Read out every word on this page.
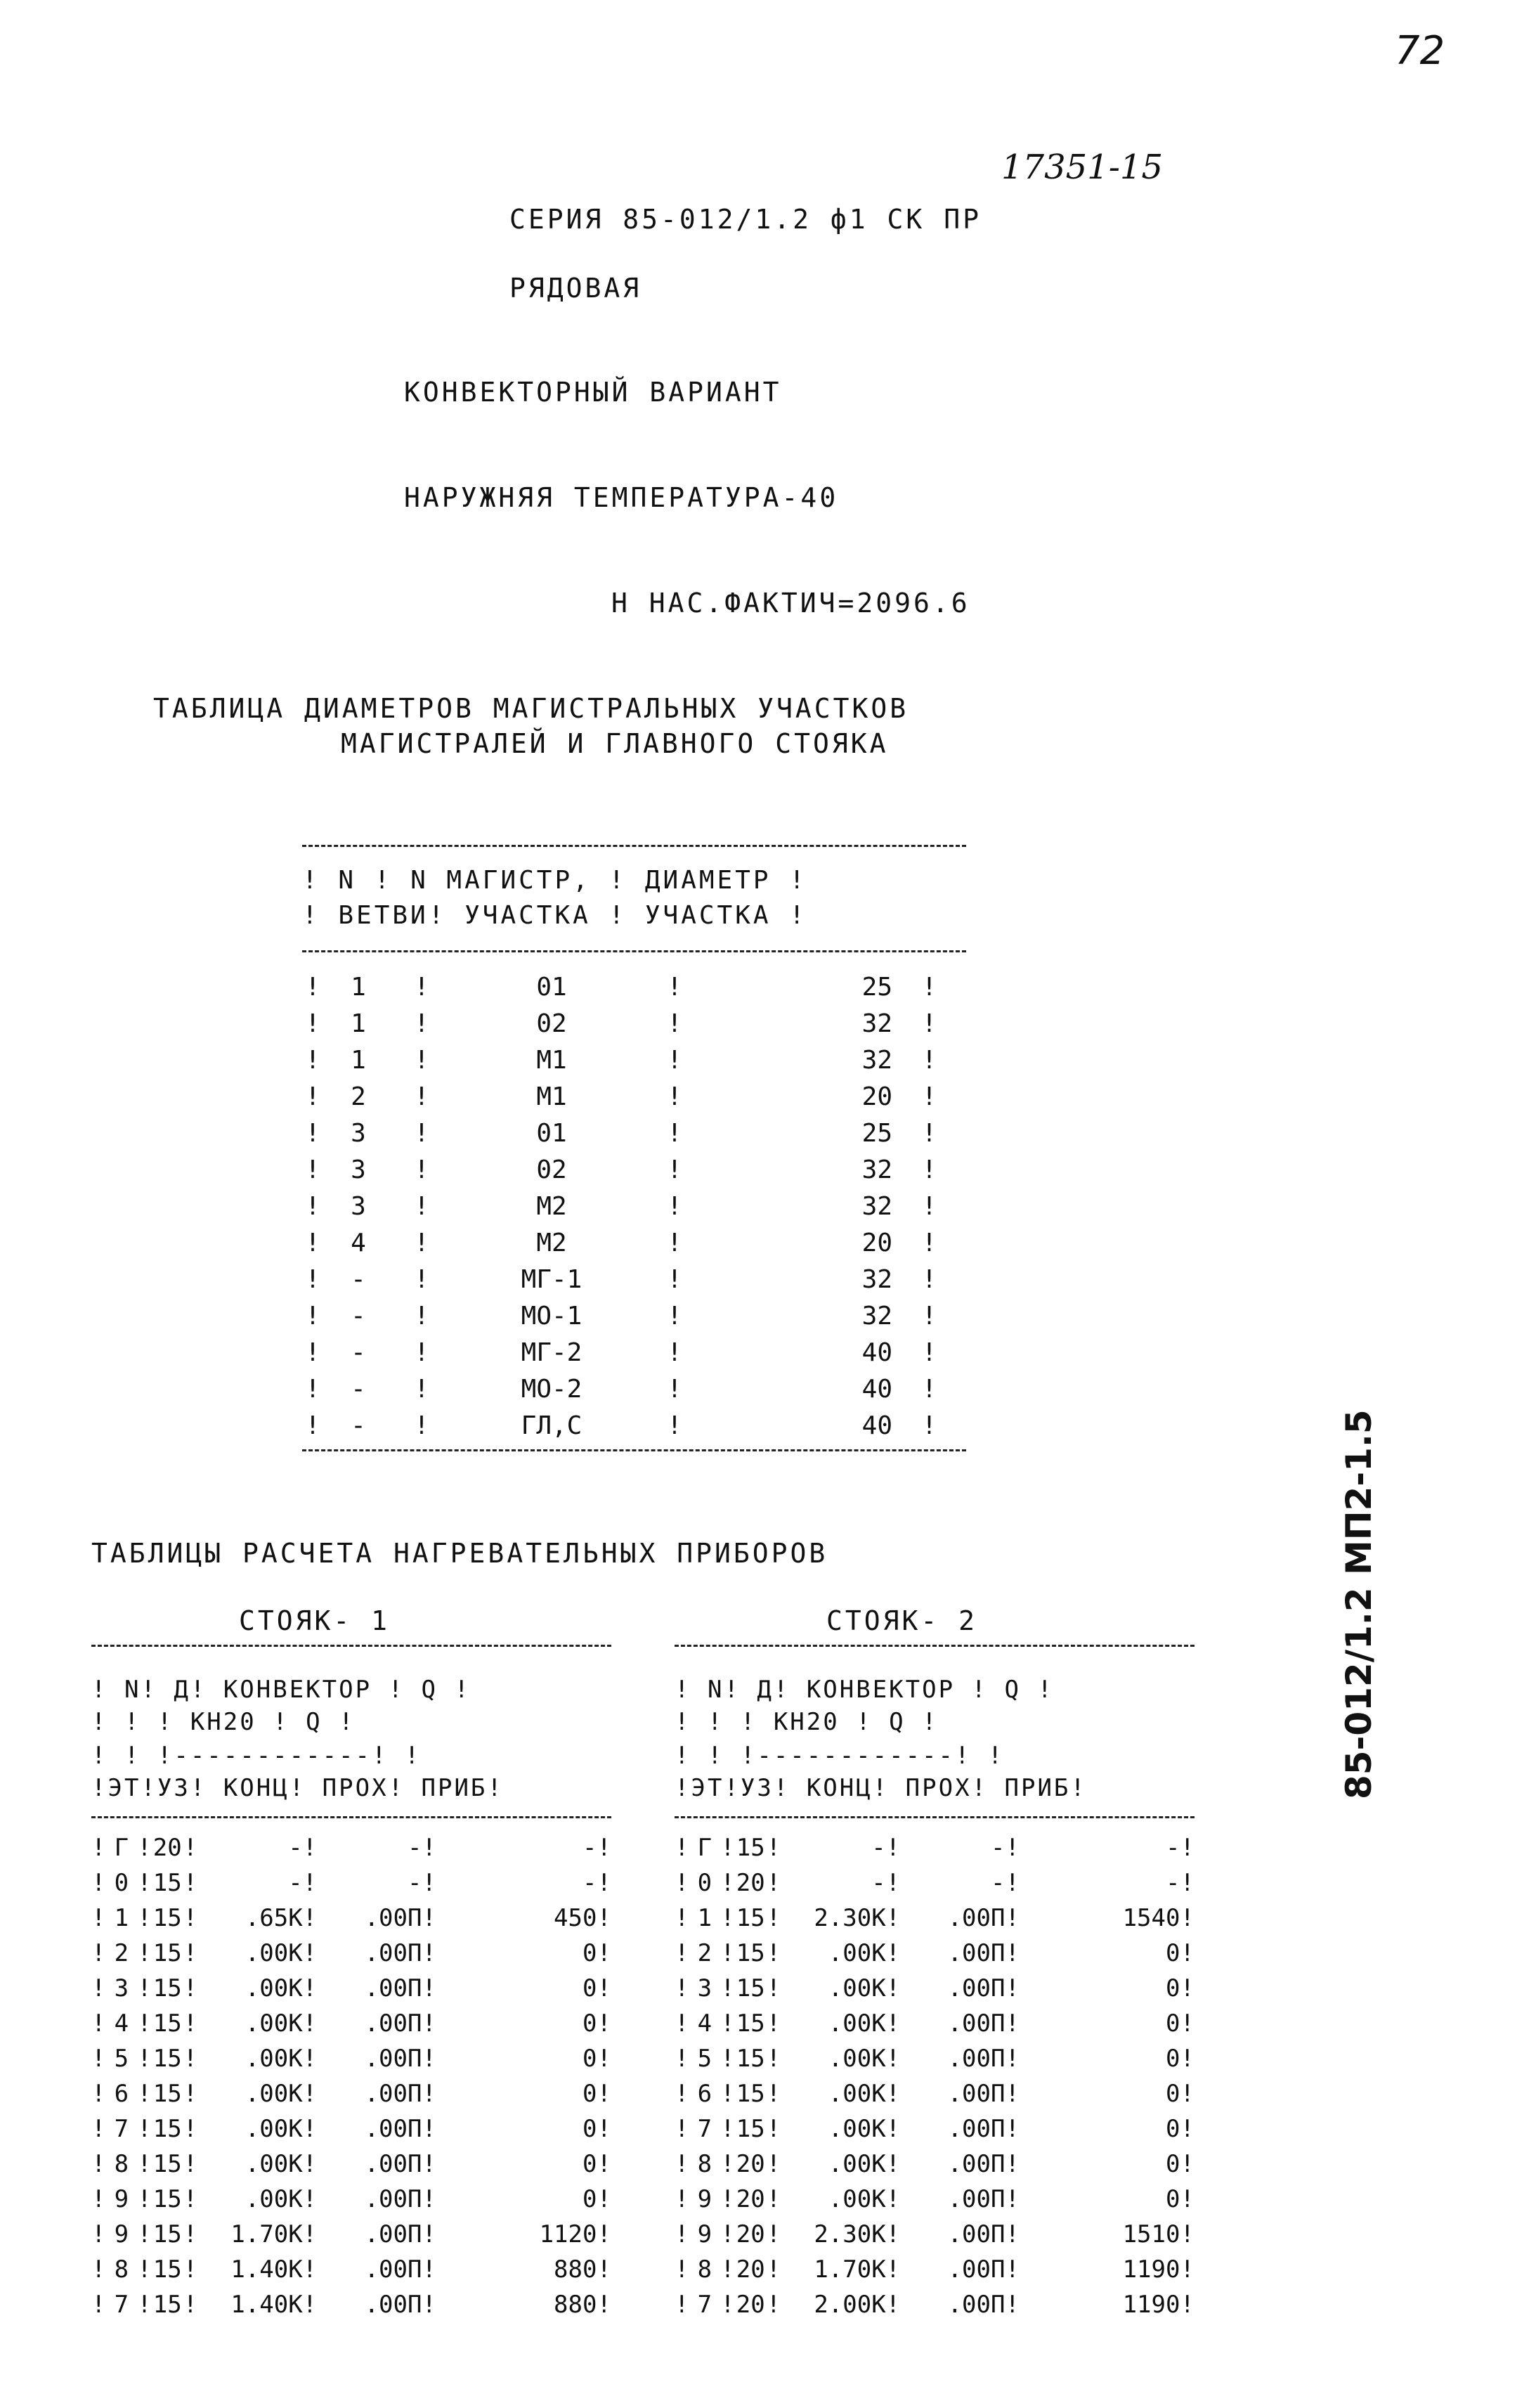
72
17351-15
СЕРИЯ 85-012/1.2 ф1 СК ПР
РЯДОВАЯ
КОНВЕКТОРНЫЙ ВАРИАНТ
НАРУЖНЯЯ ТЕМПЕРАТУРА-40
Н НАС.ФАКТИЧ=2096.6
ТАБЛИЦА ДИАМЕТРОВ МАГИСТРАЛЬНЫХ УЧАСТКОВ
МАГИСТРАЛЕЙ И ГЛАВНОГО СТОЯКА
! N ! N МАГИСТР, ! ДИАМЕТР !
! ВЕТВИ! УЧАСТКА ! УЧАСТКА !
!	1	!	01	!	25	!
!	1	!	02	!	32	!
!	1	!	М1	!	32	!
!	2	!	М1	!	20	!
!	3	!	01	!	25	!
!	3	!	02	!	32	!
!	3	!	М2	!	32	!
!	4	!	М2	!	20	!
!	-	!	МГ-1	!	32	!
!	-	!	МО-1	!	32	!
!	-	!	МГ-2	!	40	!
!	-	!	МО-2	!	40	!
!	-	!	ГЛ,С	!	40	!
ТАБЛИЦЫ РАСЧЕТА НАГРЕВАТЕЛЬНЫХ ПРИБОРОВ
СТОЯК- 1	СТОЯК- 2
! N! Д! КОНВЕКТОР ! Q !
! ! ! КН20 ! Q !
! ! !------------! !
!ЭТ!УЗ! КОНЦ! ПРОХ! ПРИБ!
!	Г	!	20	!	-	!	-	!	-	!
!	0	!	15	!	-	!	-	!	-	!
!	1	!	15	!	.65К	!	.00П	!	450	!
!	2	!	15	!	.00К	!	.00П	!	0	!
!	3	!	15	!	.00К	!	.00П	!	0	!
!	4	!	15	!	.00К	!	.00П	!	0	!
!	5	!	15	!	.00К	!	.00П	!	0	!
!	6	!	15	!	.00К	!	.00П	!	0	!
!	7	!	15	!	.00К	!	.00П	!	0	!
!	8	!	15	!	.00К	!	.00П	!	0	!
!	9	!	15	!	.00К	!	.00П	!	0	!
!	9	!	15	!	1.70К	!	.00П	!	1120	!
!	8	!	15	!	1.40К	!	.00П	!	880	!
!	7	!	15	!	1.40К	!	.00П	!	880	!
! N! Д! КОНВЕКТОР ! Q !
! ! ! КН20 ! Q !
! ! !------------! !
!ЭТ!УЗ! КОНЦ! ПРОХ! ПРИБ!
!	Г	!	15	!	-	!	-	!	-	!
!	0	!	20	!	-	!	-	!	-	!
!	1	!	15	!	2.30К	!	.00П	!	1540	!
!	2	!	15	!	.00К	!	.00П	!	0	!
!	3	!	15	!	.00К	!	.00П	!	0	!
!	4	!	15	!	.00К	!	.00П	!	0	!
!	5	!	15	!	.00К	!	.00П	!	0	!
!	6	!	15	!	.00К	!	.00П	!	0	!
!	7	!	15	!	.00К	!	.00П	!	0	!
!	8	!	20	!	.00К	!	.00П	!	0	!
!	9	!	20	!	.00К	!	.00П	!	0	!
!	9	!	20	!	2.30К	!	.00П	!	1510	!
!	8	!	20	!	1.70К	!	.00П	!	1190	!
!	7	!	20	!	2.00К	!	.00П	!	1190	!
85-012/1.2 МП2-1.5
